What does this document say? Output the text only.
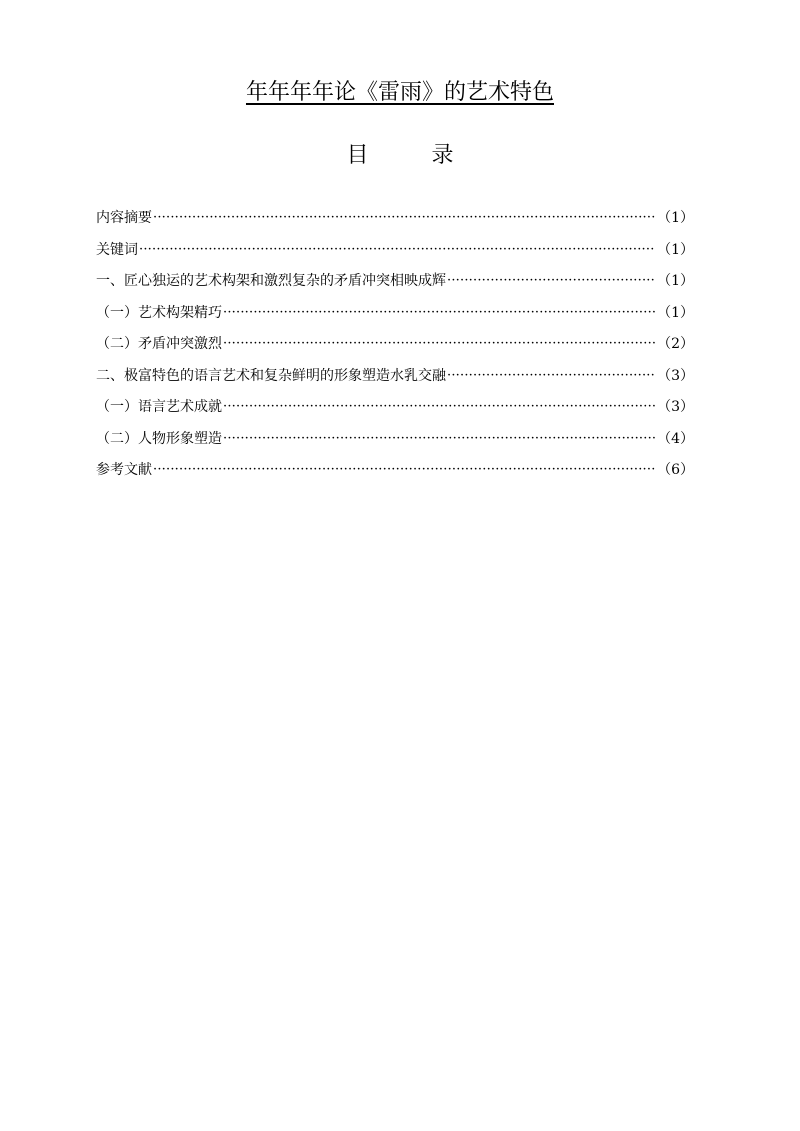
年年年年论《雷雨》的艺术特色
目 录
内容摘要 ·····	（1）
关键词 ·····	（1）
一、匠心独运的艺术构架和激烈复杂的矛盾冲突相映成辉 ·····	（1）
（一）艺术构架精巧 ·····	（1）
（二）矛盾冲突激烈 ·····	（2）
二、极富特色的语言艺术和复杂鲜明的形象塑造水乳交融 ·····	（3）
（一）语言艺术成就 ·····	（3）
（二）人物形象塑造 ·····	（4）
参考文献 ·····	（6）
